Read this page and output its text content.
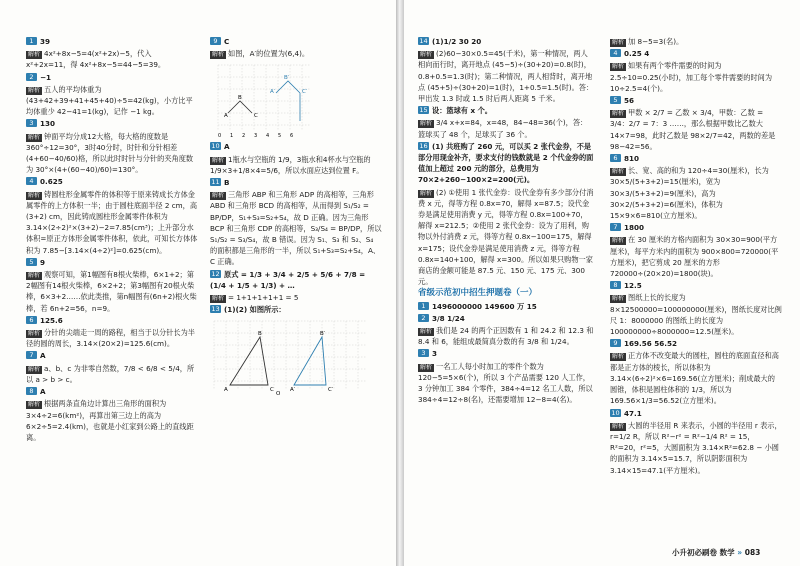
1 39

解析 4x²+8x−5=4(x²+2x)−5，代入 x²+2x=11，得 4x²+8x−5=44−5=39。

2 −1

解析 五人的平均体重为(43+42+39+41+45+40)÷5=42(kg)，小方比平均体重少 42−41=1(kg)，记作 −1 kg。

3 130

解析 钟面平均分成12大格，每大格的度数是 360°÷12=30°，3时40分时，时针和分针相差 (4+60−40/60)格，所以此时时针与分针的夹角度数为 30°×(4+(60−40)/60)=130°。

4 0.625

解析 铸圆柱形金属零件的体积等于原来铸成长方体金属零件的上方体积一半；由于圆柱底面半径 2 cm，高(3+2) cm，因此铸成圆柱形金属零件体积为 3.14×(2÷2)²×(3+2)−2=7.85(cm³)；上升部分水体积=原正方体形金属零件体积，依此，可知长方体体积为 7.85−[3.14×(4÷2)²]=0.625(cm)。

5 9

解析 观察可知，第1幅图有8根火柴棒，6×1+2；第2幅图有14根火柴棒，6×2+2；第3幅图有20根火柴棒，6×3+2……依此类推，第n幅图有(6n+2)根火柴棒，若 6n+2=56，n=9。

6 125.6

解析 分针的尖端走一周的路程，相当于以分针长为半径的圆的周长，3.14×(20×2)=125.6(cm)。

7 A

解析 a、b、c 为非零自然数，7/8 < 6/8 < 5/4，所以 a > b > c。

8 A

解析 根据两条直角边计算出三角形的面积为 3×4÷2=6(km²)，再算出第三边上的高为 6×2÷5=2.4(km)，也就是小红家到公路上的直线距离。

9 C

解析 如图，A′的位置为(6,4)。

0 1 2 3 4 5 6
A
B
C
A′
B′
C′

10 A

解析 1瓶水与空瓶的 1/9，3瓶水和4杯水与空瓶的 1/9×3+1/8×4=5/6，所以水面应达到位置 F。

11 B

解析 三角形 ABP 和三角形 ADP 的高相等，三角形 ABD 和三角形 BCD 的高相等，从而得到 S₁/S₂ = BP/DP，S₁+S₃=S₂+S₄，故 D 正确。因为三角形 BCP 和三角形 CDP 的高相等，S₃/S₄ = BP/DP，所以 S₁/S₂ = S₃/S₄，故 B 错误。因为 S₁、S₃ 和 S₂、S₄ 的面积都是三角形的一半，所以 S₁+S₃=S₂+S₄，A、C 正确。

12 原式 = 1/3 + 3/4 + 2/5 + 5/6 + 7/8 = (1/4 + 1/5 + 1/3) + …

解析 = 1+1+1+1+1 = 5

13 (1)(2) 如图所示：

A
B
C	A′
B′
C′
O

14 (1)1/2 30 20

解析 (2)60−30×0.5=45(千米)，第一种情况，两人相向而行时，离开地点 (45−5)÷(30+20)=0.8(时)，0.8+0.5=1.3(时)；第二种情况，两人相背时，离开地点 (45+5)÷(30+20)=1(时)，1+0.5=1.5(时)。答：甲出发 1.3 时或 1.5 时后两人距离 5 千米。

15 设：篮球有 x 个。

解析 3/4 x+x=84，x=48，84−48=36(个)，答：篮球买了 48 个，足球买了 36 个。

16 (1) 共班购了 260 元，可以买 2 张代金券，不是部分用现金补齐，要求支付的钱数就是 2 个代金券的面值加上超过 200 元的部分，总费用为 70×2+260−100×2=200(元)。

解析 (2) ①使用 1 张代金券：设代金券有多少部分付消费 x 元，得等方程 0.8x=70，解得 x=87.5；设代金券是满足使用消费 y 元，得等方程 0.8x=100+70，解得 x=212.5；②使用 2 张代金券：设为了用利，购物以外付消费 z 元，得等方程 0.8x−100=175，解得 x=175；设代金券是满足使用消费 z 元，得等方程 0.8x=140+100，解得 x=300。所以如果只购物一家商店的金额可能是 87.5 元、150 元、175 元、300 元。

省级示范初中招生押题卷（一）

1 1496000000 149600 万 15

2 3/8 1/24

解析 我们是 24 的两个正因数有 1 和 24.2 和 12.3 和 8.4 和 6，能组成最简真分数的有 3/8 和 1/24。

3 3

解析 一名工人每小时加工的零件个数为 120−5=5×6(个)，所以 3 个产品需要 120 人工作，3 分钟加工 384 个零件，384÷4=12 名工人数，所以 384÷4=12÷8(名)，还需要增加 12−8=4(名)。

解析 加 8−5=3(名)。

4 0.25 4

解析 如果有两个零件需要的时间为 2.5÷10=0.25(小时)，加工每个零件需要的时间为 10÷2.5=4(个)。

5 56

解析 甲数 × 2/7 = 乙数 × 3/4，甲数：乙数 = 3/4：2/7 = 7：3 ……，那么根据甲数比乙数大 14×7=98，此时乙数是 98×2/7=42，两数的差是 98−42=56。

6 810

解析 长、宽、高的和为 120÷4=30(厘米)，长为 30×5/(5+3+2)=15(厘米)，宽为 30×3/(5+3+2)=9(厘米)，高为 30×2/(5+3+2)=6(厘米)，体积为 15×9×6=810(立方厘米)。

7 1800

解析 在 30 厘米的方格内面积为 30×30=900(平方厘米)，每平方米内的面积为 900×800=720000(平方厘米)，把它剪成 20 厘米的方形 720000÷(20×20)=1800(块)。

8 12.5

解析 图纸上长的长度为 8×12500000=100000000(厘米)，图纸长度对比例尺 1：8000000 的图纸上的长度为 100000000÷8000000=12.5(厘米)。

9 169.56 56.52

解析 正方体不改变最大的圆柱，圆柱的底面直径和高都是正方体的棱长，所以体积为 3.14×(6÷2)²×6=169.56(立方厘米)；削成最大的圆锥，体积是圆柱体积的 1/3，所以为 169.56×1/3=56.52(立方厘米)。

10 47.1

解析 大圆的半径用 R 来表示，小圆的半径用 r 表示，r=1/2 R，所以 R²−r² = R²−1/4 R² = 15，R²=20，r²=5，大圆面积为 3.14×R²=62.8 − 小圆的面积为 3.14×5=15.7，所以阴影面积为 3.14×15=47.1(平方厘米)。

小升初必刷卷 数学 » 083
